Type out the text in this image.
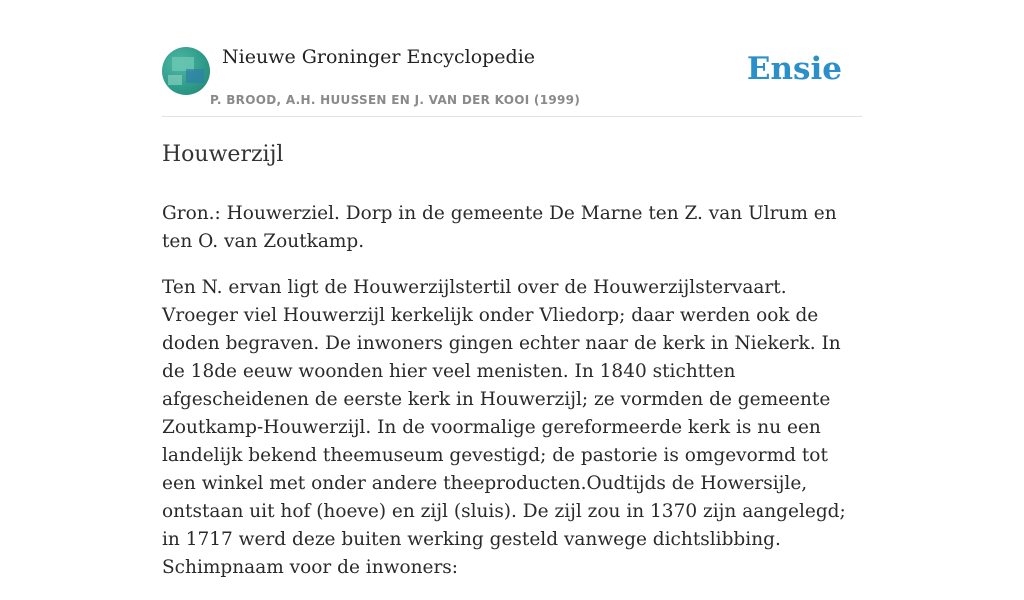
Nieuwe Groninger Encyclopedie
P. BROOD, A.H. HUUSSEN EN J. VAN DER KOOI (1999)
Ensie
Houwerzijl

Gron.: Houwerziel. Dorp in de gemeente De Marne ten Z. van Ulrum en ten O. van Zoutkamp.

Ten N. ervan ligt de Houwerzijlstertil over de Houwerzijlstervaart. Vroeger viel Houwerzijl kerkelijk onder Vliedorp; daar werden ook de doden begraven. De inwoners gingen echter naar de kerk in Niekerk. In de 18de eeuw woonden hier veel menisten. In 1840 stichtten afgescheidenen de eerste kerk in Houwerzijl; ze vormden de gemeente Zoutkamp-Houwerzijl. In de voormalige gereformeerde kerk is nu een landelijk bekend theemuseum gevestigd; de pastorie is omgevormd tot een winkel met onder andere theeproducten.Oudtijds de Howersijle, ontstaan uit hof (hoeve) en zijl (sluis). De zijl zou in 1370 zijn aangelegd; in 1717 werd deze buiten werking gesteld vanwege dichtslibbing. Schimpnaam voor de inwoners:
